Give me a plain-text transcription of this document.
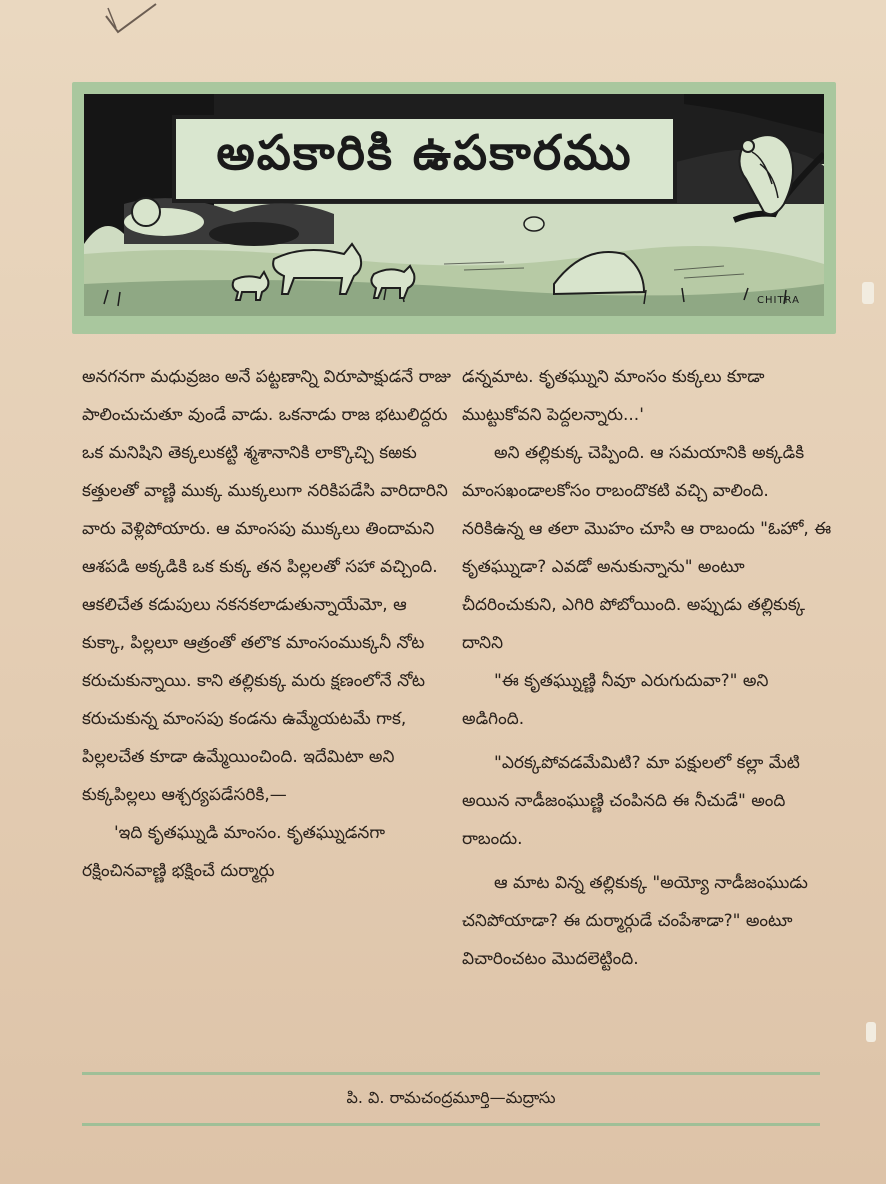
అపకారికి ఉపకారము
CHITRA

అనగనగా మధువ్రజం అనే పట్టణాన్ని విరూపాక్షుడనే రాజు పాలించుచుతూ వుండే వాడు. ఒకనాడు రాజ భటులిద్దరు ఒక మనిషిని తెక్కలుకట్టి శ్మశానానికి లాక్కొచ్చి కఱకు కత్తులతో వాణ్ణి ముక్క ముక్కలుగా నరికిపడేసి వారిదారిని వారు వెళ్లిపోయారు. ఆ మాంసపు ముక్కలు తిందామని ఆశపడి అక్కడికి ఒక కుక్క తన పిల్లలతో సహా వచ్చింది. ఆకలిచేత కడుపులు నకనకలాడుతున్నాయేమో, ఆ కుక్కా, పిల్లలూ ఆత్రంతో తలొక మాంసంముక్కనీ నోట కరుచుకున్నాయి. కాని తల్లికుక్క మరు క్షణంలోనే నోట కరుచుకున్న మాంసపు కండను ఉమ్మేయటమే గాక, పిల్లలచేత కూడా ఉమ్మేయించింది. ఇదేమిటా అని కుక్కపిల్లలు ఆశ్చర్యపడేసరికి,—

'ఇది కృతఘ్నుడి మాంసం. కృతఘ్నుడనగా రక్షించినవాణ్ణి భక్షించే దుర్మార్గు

డన్నమాట. కృతఘ్నుని మాంసం కుక్కలు కూడా ముట్టుకోవని పెద్దలన్నారు...'

అని తల్లికుక్క చెప్పింది. ఆ సమయానికి అక్కడికి మాంసఖండాలకోసం రాబందొకటి వచ్చి వాలింది. నరికిఉన్న ఆ తలా మొహం చూసి ఆ రాబందు "ఓహో, ఈ కృతఘ్నుడా? ఎవడో అనుకున్నాను" అంటూ చీదరించుకుని, ఎగిరి పోబోయింది. అప్పుడు తల్లికుక్క దానిని

"ఈ కృతఘ్నుణ్ణి నీవూ ఎరుగుదువా?" అని అడిగింది.

"ఎరక్కపోవడమేమిటి? మా పక్షులలో కల్లా మేటి అయిన నాడీజంఘుణ్ణి చంపినది ఈ నీచుడే" అంది రాబందు.

ఆ మాట విన్న తల్లికుక్క "అయ్యో నాడీజంఘుడు చనిపోయాడా? ఈ దుర్మార్గుడే చంపేశాడా?" అంటూ విచారించటం మొదలెట్టింది.

పి. వి. రామచంద్రమూర్తి—మద్రాసు
